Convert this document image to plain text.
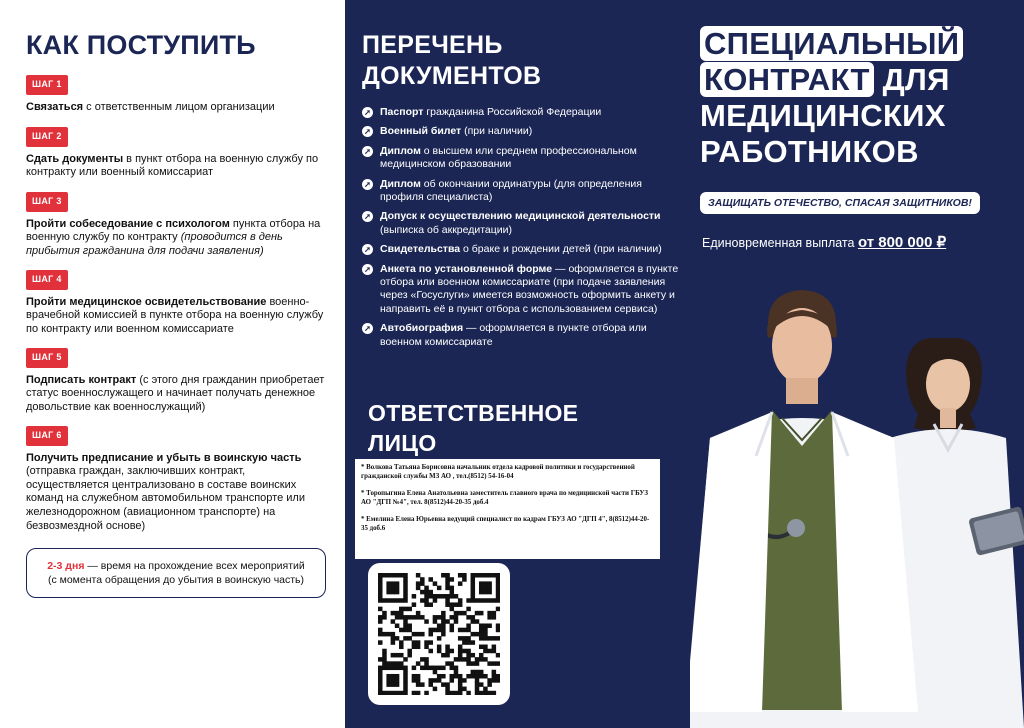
КАК ПОСТУПИТЬ
ШАГ 1
Связаться с ответственным лицом организации
ШАГ 2
Сдать документы в пункт отбора на военную службу по контракту или военный комиссариат
ШАГ 3
Пройти собеседование с психологом пункта отбора на военную службу по контракту (проводится в день прибытия гражданина для подачи заявления)
ШАГ 4
Пройти медицинское освидетельствование военно-врачебной комиссией в пункте отбора на военную службу по контракту или военном комиссариате
ШАГ 5
Подписать контракт (с этого дня гражданин приобретает статус военнослужащего и начинает получать денежное довольствие как военнослужащий)
ШАГ 6
Получить предписание и убыть в воинскую часть (отправка граждан, заключивших контракт, осуществляется централизовано в составе воинских команд на служебном автомобильном транспорте или железнодорожном (авиационном транспорте) на безвозмездной основе)
2-3 дня — время на прохождение всех мероприятий
(с момента обращения до убытия в воинскую часть)
ПЕРЕЧЕНЬ
ДОКУМЕНТОВ
➚ Паспорт гражданина Российской Федерации
➚ Военный билет (при наличии)
➚ Диплом о высшем или среднем профессиональном медицинском образовании
➚ Диплом об окончании ординатуры (для определения профиля специалиста)
➚ Допуск к осуществлению медицинской деятельности (выписка об аккредитации)
➚ Свидетельства о браке и рождении детей (при наличии)
➚ Анкета по установленной форме — оформляется в пункте отбора или военном комиссариате (при подаче заявления через «Госуслуги» имеется возможность оформить анкету и направить её в пункт отбора с использованием сервиса)
➚ Автобиография — оформляется в пункте отбора или военном комиссариате
ОТВЕТСТВЕННОЕ
ЛИЦО

* Волкова Татьяна Борисовна начальник отдела кадровой политики и государственной гражданской службы МЗ АО , тел.(8512) 54-16-04

* Торопыгина Елена Анатольевна заместитель главного врача по медицинской части ГБУЗ АО "ДГП №4", тел. 8(8512)44-20-35 доб.4

* Емелина Елена Юрьевна ведущий специалист по кадрам ГБУЗ АО "ДГП 4", 8(8512)44-20-35 доб.6

СПЕЦИАЛЬНЫЙ
КОНТРАКТ ДЛЯ
МЕДИЦИНСКИХ
РАБОТНИКОВ
ЗАЩИЩАТЬ ОТЕЧЕСТВО, СПАСАЯ ЗАЩИТНИКОВ!
Единовременная выплата от 800 000 ₽
